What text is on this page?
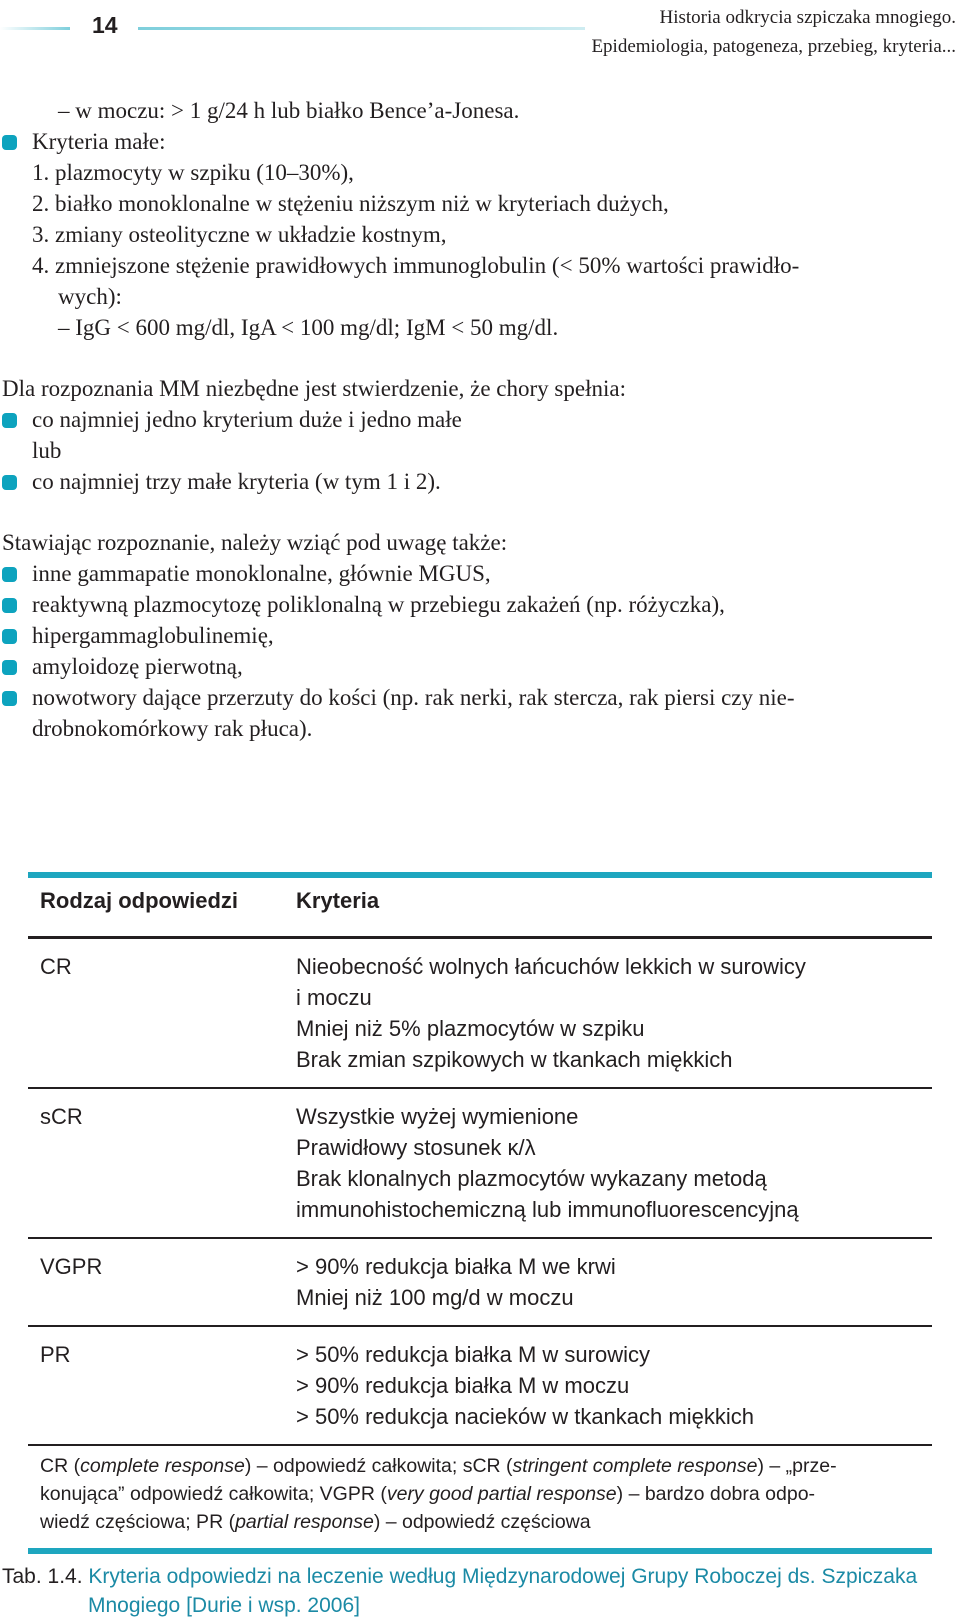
14	Historia odkrycia szpiczaka mnogiego.
Epidemiologia, patogeneza, przebieg, kryteria...
– w moczu: > 1 g/24 h lub białko Bence’a-Jonesa.
Kryteria małe:
1. plazmocyty w szpiku (10–30%),
2. białko monoklonalne w stężeniu niższym niż w kryteriach dużych,
3. zmiany osteolityczne w układzie kostnym,
4. zmniejszone stężenie prawidłowych immunoglobulin (< 50% wartości prawidło-
wych):
– IgG < 600 mg/dl, IgA < 100 mg/dl; IgM < 50 mg/dl.
Dla rozpoznania MM niezbędne jest stwierdzenie, że chory spełnia:
co najmniej jedno kryterium duże i jedno małe
lub
co najmniej trzy małe kryteria (w tym 1 i 2).
Stawiając rozpoznanie, należy wziąć pod uwagę także:
inne gammapatie monoklonalne, głównie MGUS,
reaktywną plazmocytozę poliklonalną w przebiegu zakażeń (np. różyczka),
hipergammaglobulinemię,
amyloidozę pierwotną,
nowotwory dające przerzuty do kości (np. rak nerki, rak stercza, rak piersi czy nie-
drobnokomórkowy rak płuca).
Rodzaj odpowiedzi	Kryteria
CR	Nieobecność wolnych łańcuchów lekkich w surowicy
i moczu
Mniej niż 5% plazmocytów w szpiku
Brak zmian szpikowych w tkankach miękkich

sCR	Wszystkie wyżej wymienione
Prawidłowy stosunek κ/λ
Brak klonalnych plazmocytów wykazany metodą
immunohistochemiczną lub immunofluorescencyjną

VGPR	> 90% redukcja białka M we krwi
Mniej niż 100 mg/d w moczu

PR	> 50% redukcja białka M w surowicy
> 90% redukcja białka M w moczu
> 50% redukcja nacieków w tkankach miękkich
CR (complete response) – odpowiedź całkowita; sCR (stringent complete response) – „prze-
konująca” odpowiedź całkowita; VGPR (very good partial response) – bardzo dobra odpo-
wiedź częściowa; PR (partial response) – odpowiedź częściowa
Tab. 1.4. Kryteria odpowiedzi na leczenie według Międzynarodowej Grupy Roboczej ds. Szpiczaka
Mnogiego [Durie i wsp. 2006]
